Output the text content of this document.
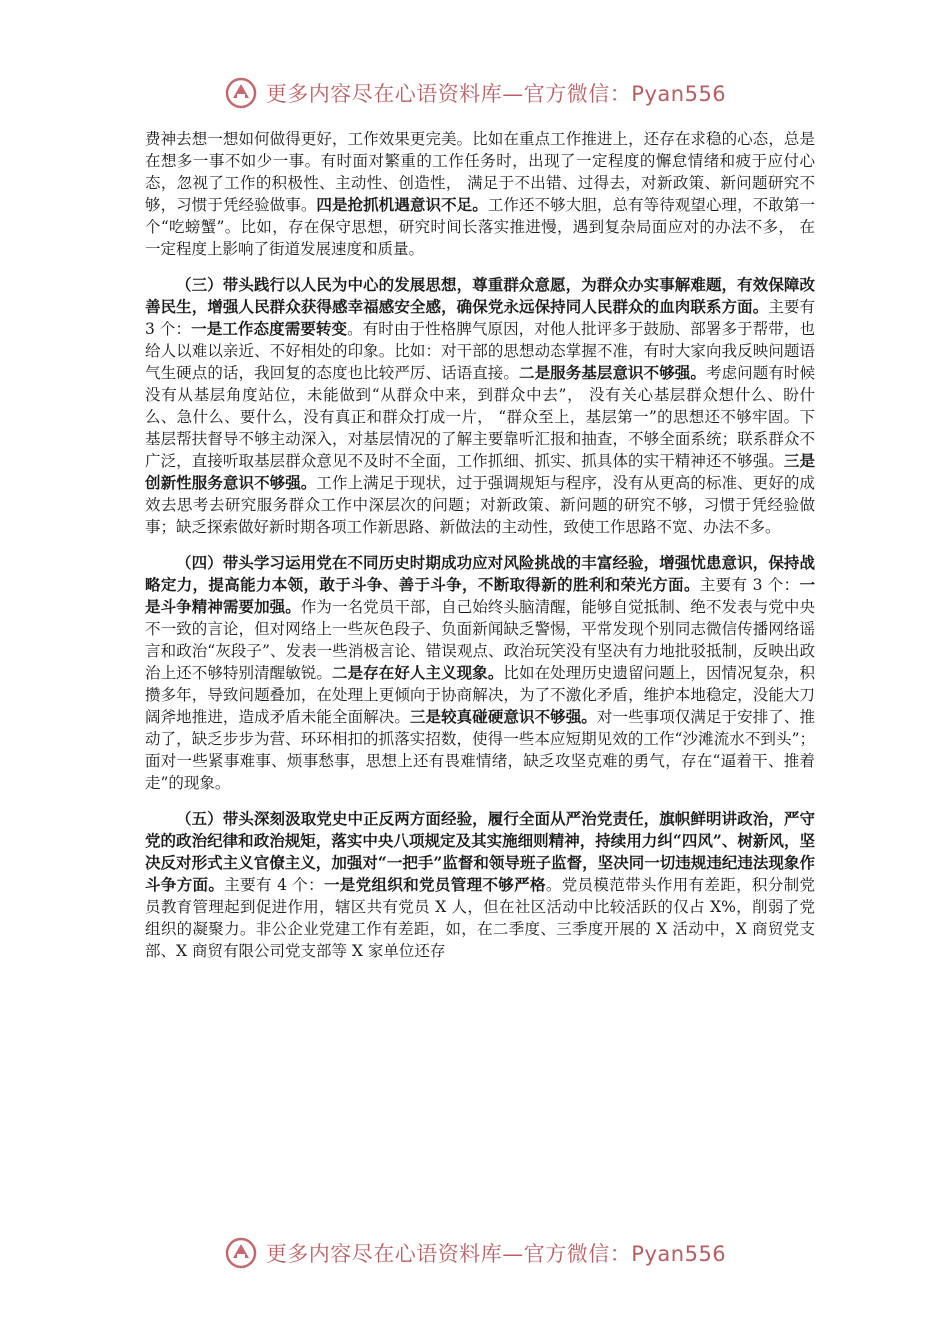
更多内容尽在心语资料库—官方微信：Pyan556

费神去想一想如何做得更好，工作效果更完美。比如在重点工作推进上，还存在求稳的心态，总是在想多一事不如少一事。有时面对繁重的工作任务时，出现了一定程度的懈怠情绪和疲于应付心态，忽视了工作的积极性、主动性、创造性， 满足于不出错、过得去，对新政策、新问题研究不够，习惯于凭经验做事。四是抢抓机遇意识不足。工作还不够大胆，总有等待观望心理，不敢第一个“吃螃蟹”。比如，存在保守思想，研究时间长落实推进慢，遇到复杂局面应对的办法不多， 在一定程度上影响了街道发展速度和质量。

（三）带头践行以人民为中心的发展思想，尊重群众意愿，为群众办实事解难题，有效保障改善民生，增强人民群众获得感幸福感安全感，确保党永远保持同人民群众的血肉联系方面。主要有 3 个：一是工作态度需要转变。有时由于性格脾气原因，对他人批评多于鼓励、部署多于帮带，也给人以难以亲近、不好相处的印象。比如：对干部的思想动态掌握不准，有时大家向我反映问题语气生硬点的话，我回复的态度也比较严厉、话语直接。二是服务基层意识不够强。考虑问题有时候没有从基层角度站位，未能做到“从群众中来，到群众中去”， 没有关心基层群众想什么、盼什么、急什么、要什么，没有真正和群众打成一片， “群众至上，基层第一”的思想还不够牢固。下基层帮扶督导不够主动深入，对基层情况的了解主要靠听汇报和抽查，不够全面系统；联系群众不广泛，直接听取基层群众意见不及时不全面，工作抓细、抓实、抓具体的实干精神还不够强。三是创新性服务意识不够强。工作上满足于现状，过于强调规矩与程序，没有从更高的标准、更好的成效去思考去研究服务群众工作中深层次的问题；对新政策、新问题的研究不够，习惯于凭经验做事；缺乏探索做好新时期各项工作新思路、新做法的主动性，致使工作思路不宽、办法不多。

（四）带头学习运用党在不同历史时期成功应对风险挑战的丰富经验，增强忧患意识，保持战略定力，提高能力本领，敢于斗争、善于斗争，不断取得新的胜利和荣光方面。主要有 3 个：一是斗争精神需要加强。作为一名党员干部，自己始终头脑清醒，能够自觉抵制、绝不发表与党中央不一致的言论，但对网络上一些灰色段子、负面新闻缺乏警惕，平常发现个别同志微信传播网络谣言和政治“灰段子”、发表一些消极言论、错误观点、政治玩笑没有坚决有力地批驳抵制，反映出政治上还不够特别清醒敏锐。二是存在好人主义现象。比如在处理历史遗留问题上，因情况复杂，积攒多年，导致问题叠加，在处理上更倾向于协商解决，为了不激化矛盾，维护本地稳定，没能大刀阔斧地推进，造成矛盾未能全面解决。三是较真碰硬意识不够强。对一些事项仅满足于安排了、推动了，缺乏步步为营、环环相扣的抓落实招数，使得一些本应短期见效的工作“沙滩流水不到头”；面对一些紧事难事、烦事愁事，思想上还有畏难情绪，缺乏攻坚克难的勇气，存在“逼着干、推着走”的现象。

（五）带头深刻汲取党史中正反两方面经验，履行全面从严治党责任，旗帜鲜明讲政治，严守党的政治纪律和政治规矩，落实中央八项规定及其实施细则精神，持续用力纠“四风”、树新风，坚决反对形式主义官僚主义，加强对“一把手”监督和领导班子监督，坚决同一切违规违纪违法现象作斗争方面。主要有 4 个：一是党组织和党员管理不够严格。党员模范带头作用有差距，积分制党员教育管理起到促进作用，辖区共有党员 X 人，但在社区活动中比较活跃的仅占 X%，削弱了党组织的凝聚力。非公企业党建工作有差距，如，在二季度、三季度开展的 X 活动中，X 商贸党支部、X 商贸有限公司党支部等 X 家单位还存

更多内容尽在心语资料库—官方微信：Pyan556
